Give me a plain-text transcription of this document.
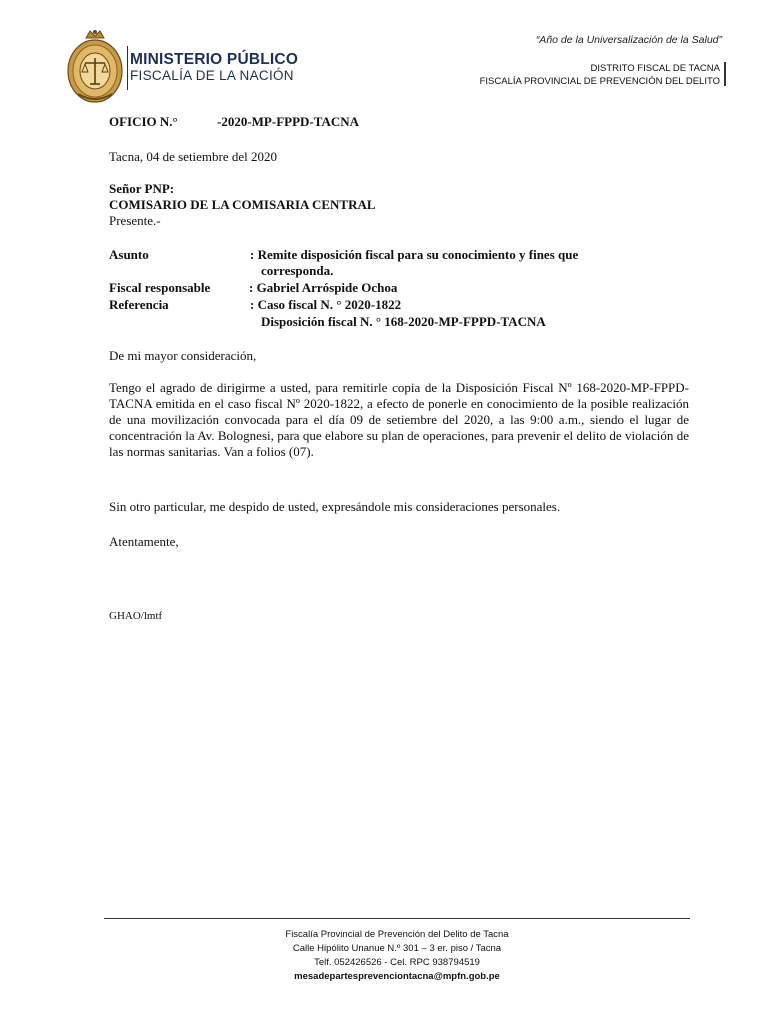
MINISTERIO PÚBLICO
FISCALÍA DE LA NACIÓN
“Año de la Universalización de la Salud”
DISTRITO FISCAL DE TACNA
FISCALÍA PROVINCIAL DE PREVENCIÓN DEL DELITO
OFICIO N.°	-2020-MP-FPPD-TACNA
Tacna, 04 de setiembre del 2020
Señor PNP:
COMISARIO DE LA COMISARIA CENTRAL
Presente.-
Asunto	: Remite disposición fiscal para su conocimiento y fines que
corresponda.
Fiscal responsable	: Gabriel Arróspide Ochoa
Referencia	: Caso fiscal N. ° 2020-1822
Disposición fiscal N. ° 168-2020-MP-FPPD-TACNA
De mi mayor consideración,
Tengo el agrado de dirigirme a usted, para remitirle copia de la Disposición Fiscal Nº 168-2020-MP-FPPD-TACNA emitida en el caso fiscal Nº 2020-1822, a efecto de ponerle en conocimiento de la posible realización de una movilización convocada para el día 09 de setiembre del 2020, a las 9:00 a.m., siendo el lugar de concentración la Av. Bolognesi, para que elabore su plan de operaciones, para prevenir el delito de violación de las normas sanitarias. Van a folios (07).
Sin otro particular, me despido de usted, expresándole mis consideraciones personales.
Atentamente,
GHAO/lmtf
Fiscalía Provincial de Prevención del Delito de Tacna
Calle Hipólito Unanue N.º 301 – 3 er. piso / Tacna
Telf. 052426526 - Cel. RPC 938794519
mesadepartesprevenciontacna@mpfn.gob.pe
